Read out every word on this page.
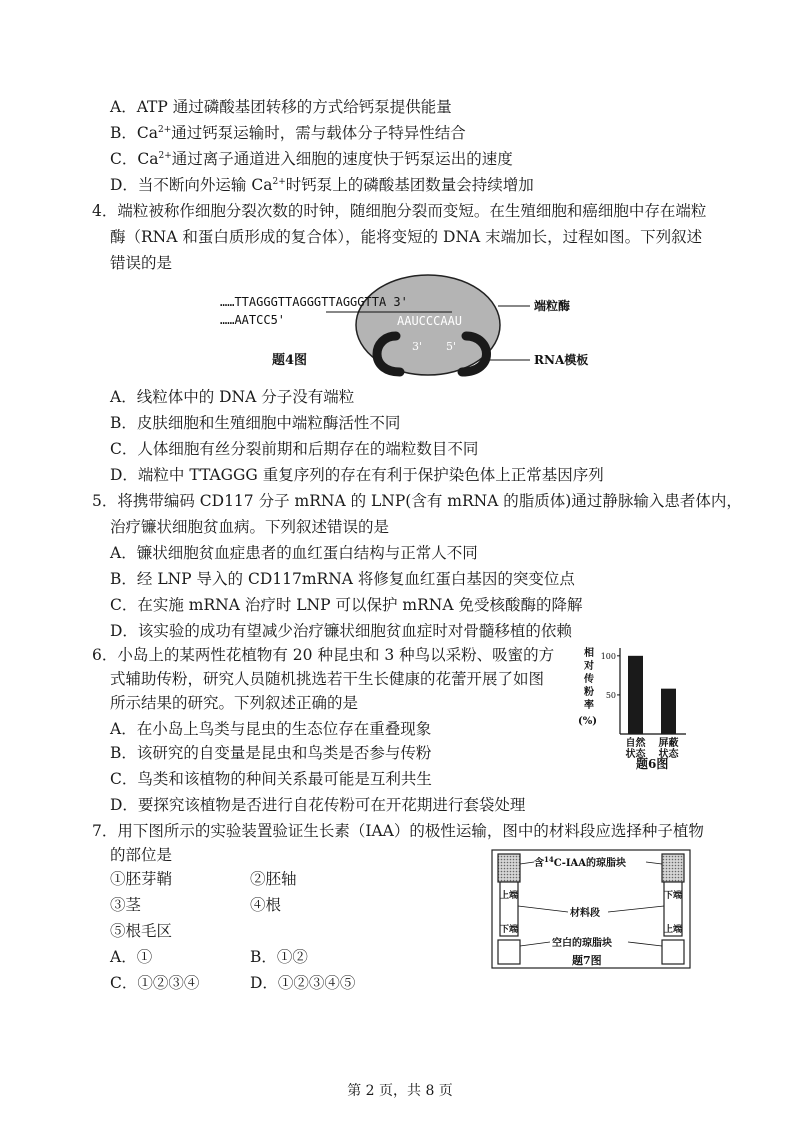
A．ATP 通过磷酸基团转移的方式给钙泵提供能量
B．$Ca^{2+}$通过钙泵运输时，需与载体分子特异性结合
C．$Ca^{2+}$通过离子通道进入细胞的速度快于钙泵运出的速度
D．当不断向外运输 $Ca^{2+}$时钙泵上的磷酸基团数量会持续增加
4．端粒被称作细胞分裂次数的时钟，随细胞分裂而变短。在生殖细胞和癌细胞中存在端粒
酶（RNA 和蛋白质形成的复合体），能将变短的 DNA 末端加长，过程如图。下列叙述
错误的是
……TTAGGGTTAGGGTTAGGGTTA 3'
……AATCC5'	AAUCCCAAU
3' 5'
端粒酶
RNA模板
题4图
A．线粒体中的 DNA 分子没有端粒
B．皮肤细胞和生殖细胞中端粒酶活性不同
C．人体细胞有丝分裂前期和后期存在的端粒数目不同
D．端粒中 TTAGGG 重复序列的存在有利于保护染色体上正常基因序列
5．将携带编码 CD117 分子 mRNA 的 LNP(含有 mRNA 的脂质体)通过静脉输入患者体内，
治疗镰状细胞贫血病。下列叙述错误的是
A．镰状细胞贫血症患者的血红蛋白结构与正常人不同
B．经 LNP 导入的 CD117mRNA 将修复血红蛋白基因的突变位点
C．在实施 mRNA 治疗时 LNP 可以保护 mRNA 免受核酸酶的降解
D．该实验的成功有望减少治疗镰状细胞贫血症时对骨髓移植的依赖
6．小岛上的某两性花植物有 20 种昆虫和 3 种鸟以采粉、吸蜜的方
式辅助传粉，研究人员随机挑选若干生长健康的花蕾开展了如图
所示结果的研究。下列叙述正确的是
A．在小岛上鸟类与昆虫的生态位存在重叠现象
B．该研究的自变量是昆虫和鸟类是否参与传粉
C．鸟类和该植物的种间关系最可能是互利共生
D．要探究该植物是否进行自花传粉可在开花期进行套袋处理
相
对
传
粉
率
(%)
100
50
自然
状态
屏蔽
状态
题6图
7．用下图所示的实验装置验证生长素（IAA）的极性运输，图中的材料段应选择种子植物
的部位是
①胚芽鞘	②胚轴
③茎	④根
⑤根毛区
A．①	B．①②
C．①②③④	D．①②③④⑤
上端
下端
下端
上端
含$^{14}$C-IAA的琼脂块
材料段
空白的琼脂块
题7图
第 2 页，共 8 页
